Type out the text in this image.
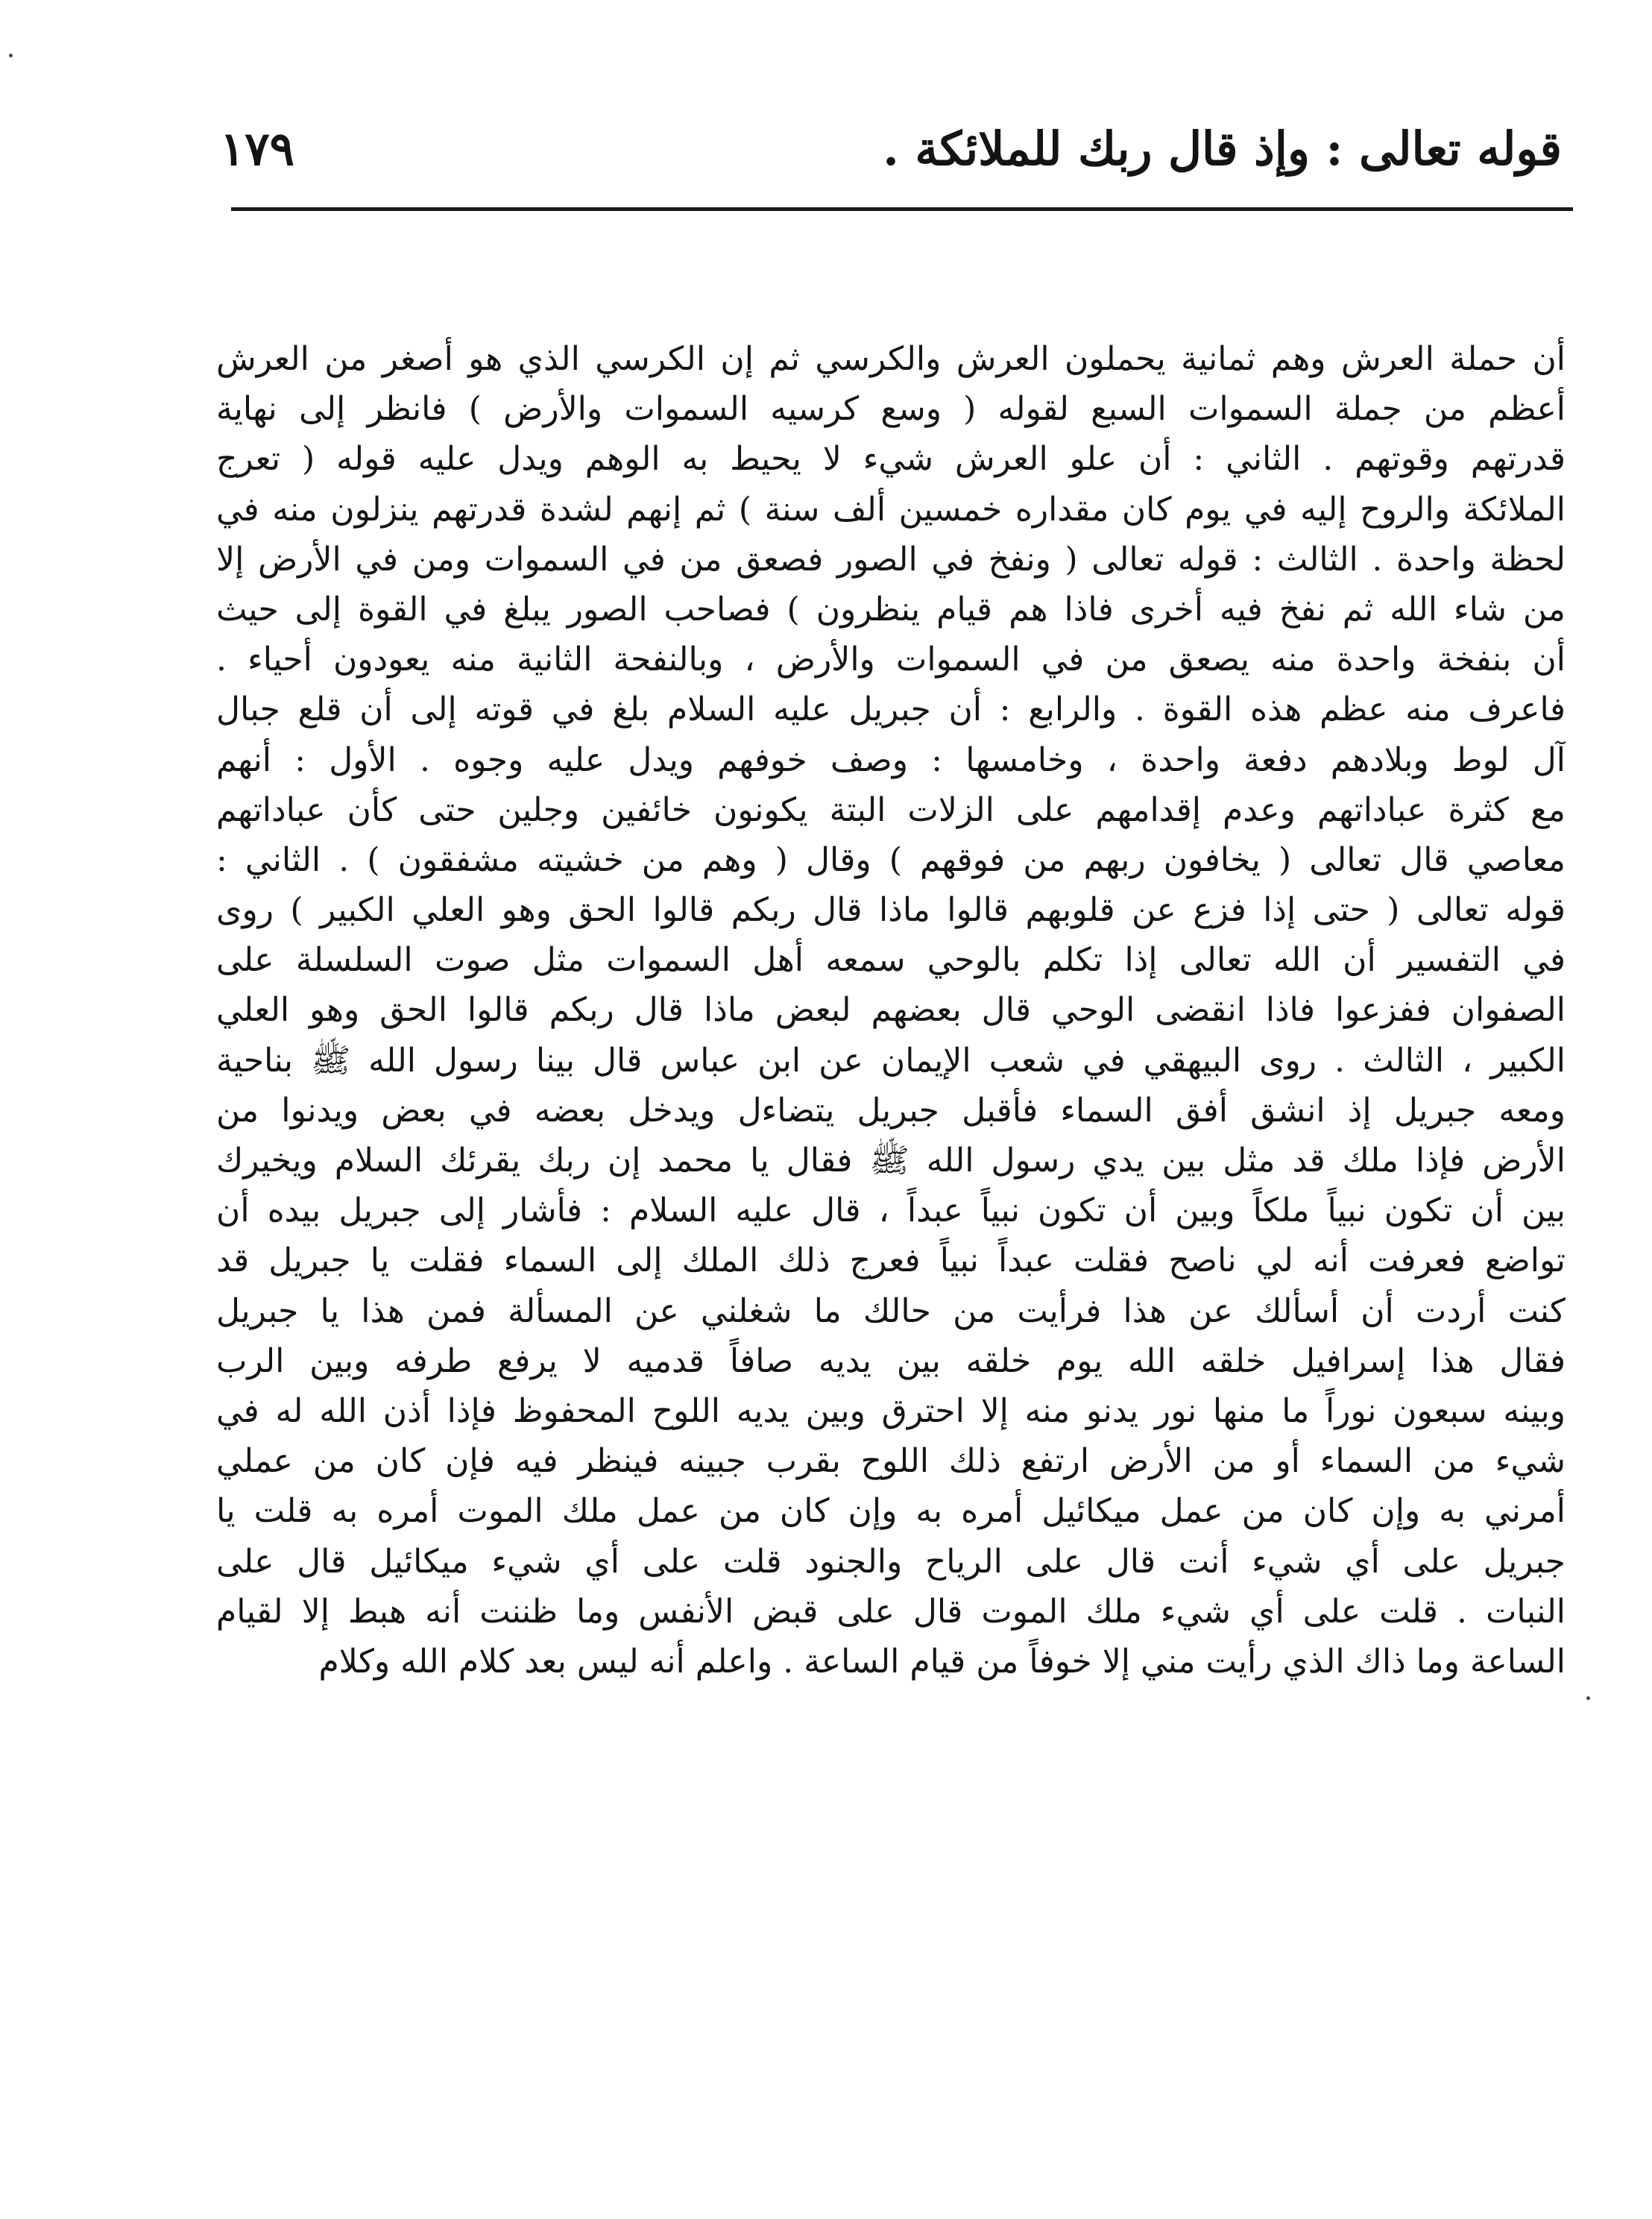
قوله تعالى : وإذ قال ربك للملائكة .
١٧٩
أن حملة العرش وهم ثمانية يحملون العرش والكرسي ثم إن الكرسي الذي هو أصغر من العرش
أعظم من جملة السموات السبع لقوله ( وسع كرسيه السموات والأرض ) فانظر إلى نهاية
قدرتهم وقوتهم . الثاني : أن علو العرش شيء لا يحيط به الوهم ويدل عليه قوله ( تعرج
الملائكة والروح إليه في يوم كان مقداره خمسين ألف سنة ) ثم إنهم لشدة قدرتهم ينزلون منه في
لحظة واحدة . الثالث : قوله تعالى ( ونفخ في الصور فصعق من في السموات ومن في الأرض إلا
من شاء الله ثم نفخ فيه أخرى فاذا هم قيام ينظرون ) فصاحب الصور يبلغ في القوة إلى حيث
أن بنفخة واحدة منه يصعق من في السموات والأرض ، وبالنفحة الثانية منه يعودون أحياء .
فاعرف منه عظم هذه القوة . والرابع : أن جبريل عليه السلام بلغ في قوته إلى أن قلع جبال
آل لوط وبلادهم دفعة واحدة ، وخامسها : وصف خوفهم ويدل عليه وجوه . الأول : أنهم
مع كثرة عباداتهم وعدم إقدامهم على الزلات البتة يكونون خائفين وجلين حتى كأن عباداتهم
معاصي قال تعالى ( يخافون ربهم من فوقهم ) وقال ( وهم من خشيته مشفقون ) . الثاني :
قوله تعالى ( حتى إذا فزع عن قلوبهم قالوا ماذا قال ربكم قالوا الحق وهو العلي الكبير ) روى
في التفسير أن الله تعالى إذا تكلم بالوحي سمعه أهل السموات مثل صوت السلسلة على
الصفوان ففزعوا فاذا انقضى الوحي قال بعضهم لبعض ماذا قال ربكم قالوا الحق وهو العلي
الكبير ، الثالث . روى البيهقي في شعب الإيمان عن ابن عباس قال بينا رسول الله ﷺ بناحية
ومعه جبريل إذ انشق أفق السماء فأقبل جبريل يتضاءل ويدخل بعضه في بعض ويدنوا من
الأرض فإذا ملك قد مثل بين يدي رسول الله ﷺ فقال يا محمد إن ربك يقرئك السلام ويخيرك
بين أن تكون نبياً ملكاً وبين أن تكون نبياً عبداً ، قال عليه السلام : فأشار إلى جبريل بيده أن
تواضع فعرفت أنه لي ناصح فقلت عبداً نبياً فعرج ذلك الملك إلى السماء فقلت يا جبريل قد
كنت أردت أن أسألك عن هذا فرأيت من حالك ما شغلني عن المسألة فمن هذا يا جبريل
فقال هذا إسرافيل خلقه الله يوم خلقه بين يديه صافاً قدميه لا يرفع طرفه وبين الرب
وبينه سبعون نوراً ما منها نور يدنو منه إلا احترق وبين يديه اللوح المحفوظ فإذا أذن الله له في
شيء من السماء أو من الأرض ارتفع ذلك اللوح بقرب جبينه فينظر فيه فإن كان من عملي
أمرني به وإن كان من عمل ميكائيل أمره به وإن كان من عمل ملك الموت أمره به قلت يا
جبريل على أي شيء أنت قال على الرياح والجنود قلت على أي شيء ميكائيل قال على
النبات . قلت على أي شيء ملك الموت قال على قبض الأنفس وما ظننت أنه هبط إلا لقيام
الساعة وما ذاك الذي رأيت مني إلا خوفاً من قيام الساعة . واعلم أنه ليس بعد كلام الله وكلام
